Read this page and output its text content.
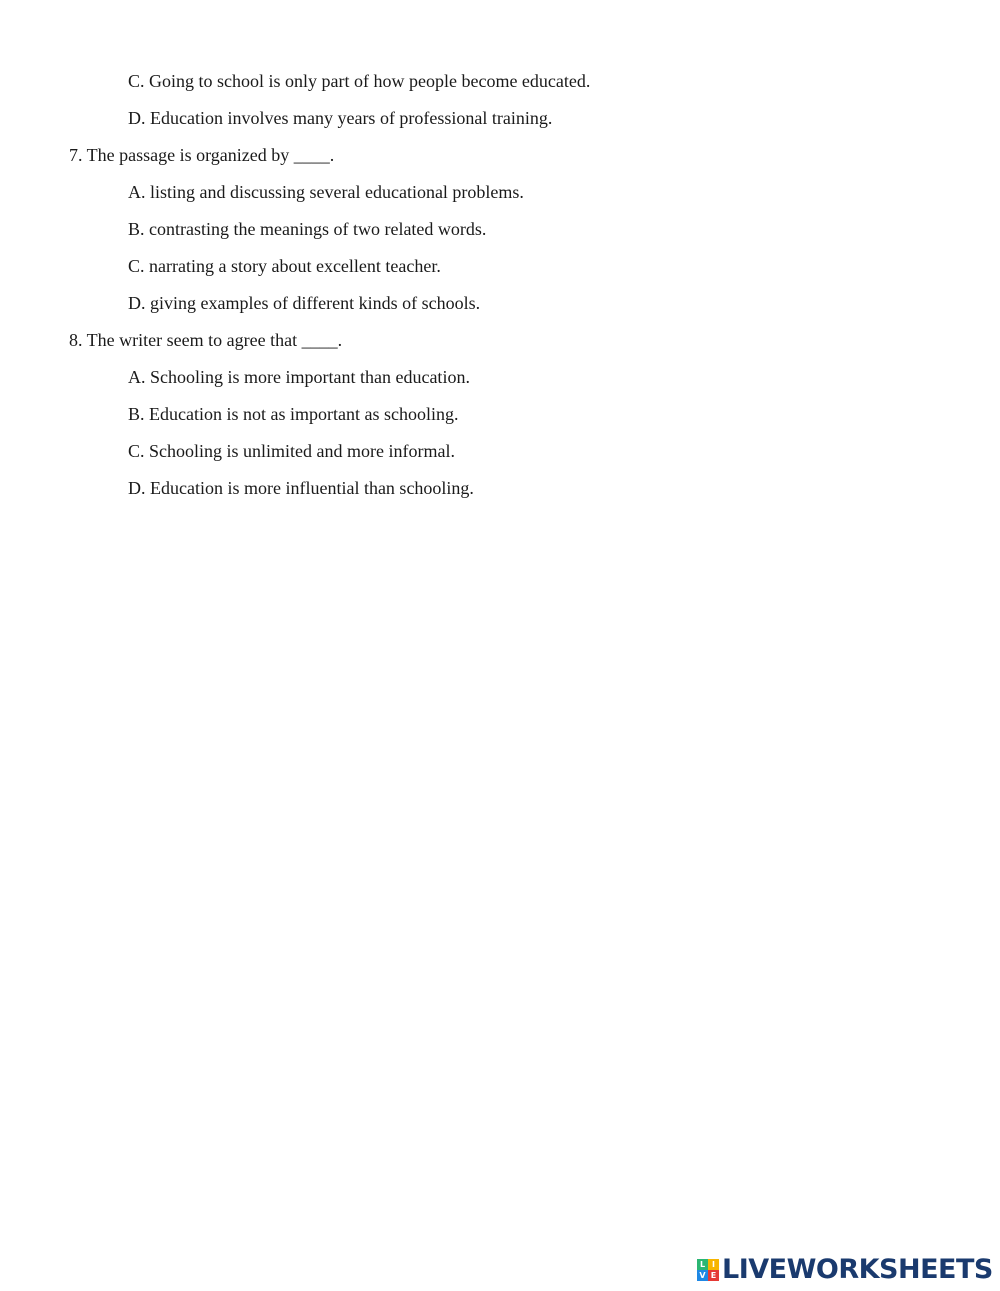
C. Going to school is only part of how people become educated.
D. Education involves many years of professional training.
7. The passage is organized by ____.
A. listing and discussing several educational problems.
B. contrasting the meanings of two related words.
C. narrating a story about excellent teacher.
D. giving examples of different kinds of schools.
8. The writer seem to agree that ____.
A. Schooling is more important than education.
B. Education is not as important as schooling.
C. Schooling is unlimited and more informal.
D. Education is more influential than schooling.
L I
V E LIVEWORKSHEETS
